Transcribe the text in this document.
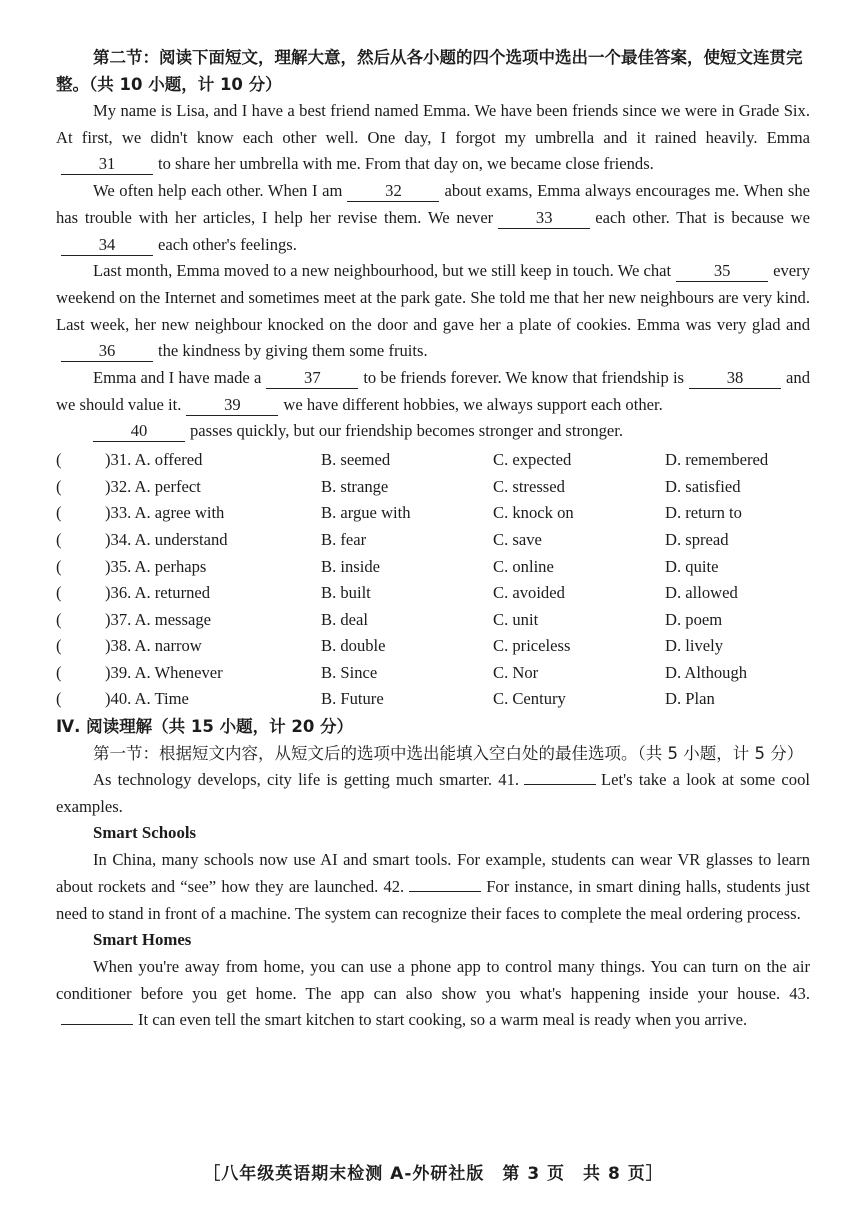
第二节：阅读下面短文，理解大意，然后从各小题的四个选项中选出一个最佳答案，使短文连贯完整。（共 10 小题，计 10 分）

My name is Lisa, and I have a best friend named Emma. We have been friends since we were in Grade Six. At first, we didn't know each other well. One day, I forgot my umbrella and it rained heavily. Emma31	to share her umbrella with me. From that day on, we became close friends.

We often help each other. When I am	32	about exams, Emma always encourages me. When she has trouble with her articles, I help her revise them. We never	33	each other. That is because we34	each other's feelings.

Last month, Emma moved to a new neighbourhood, but we still keep in touch. We chat	35	every weekend on the Internet and sometimes meet at the park gate. She told me that her new neighbours are very kind. Last week, her new neighbour knocked on the door and gave her a plate of cookies. Emma was very glad and36	the kindness by giving them some fruits.

Emma and I have made a	37	to be friends forever. We know that friendship is	38	and we should value it.	39	we have different hobbies, we always support each other.

40	passes quickly, but our friendship becomes stronger and stronger.

(	)31. A. offered	B. seemed	C. expected	D. remembered
(	)32. A. perfect	B. strange	C. stressed	D. satisfied
(	)33. A. agree with	B. argue with	C. knock on	D. return to
(	)34. A. understand	B. fear	C. save	D. spread
(	)35. A. perhaps	B. inside	C. online	D. quite
(	)36. A. returned	B. built	C. avoided	D. allowed
(	)37. A. message	B. deal	C. unit	D. poem
(	)38. A. narrow	B. double	C. priceless	D. lively
(	)39. A. Whenever	B. Since	C. Nor	D. Although
(	)40. A. Time	B. Future	C. Century	D. Plan

Ⅳ. 阅读理解（共 15 小题，计 20 分）

第一节：根据短文内容，从短文后的选项中选出能填入空白处的最佳选项。（共 5 小题，计 5 分）

As technology develops, city life is getting much smarter. 41.	Let's take a look at some cool examples.

Smart Schools

In China, many schools now use AI and smart tools. For example, students can wear VR glasses to learn about rockets and “see” how they are launched. 42.	For instance, in smart dining halls, students just need to stand in front of a machine. The system can recognize their faces to complete the meal ordering process.

Smart Homes

When you're away from home, you can use a phone app to control many things. You can turn on the air conditioner before you get home. The app can also show you what's happening inside your house. 43.It can even tell the smart kitchen to start cooking, so a warm meal is ready when you arrive.

［八年级英语期末检测 A-外研社版　第 3 页　共 8 页］
